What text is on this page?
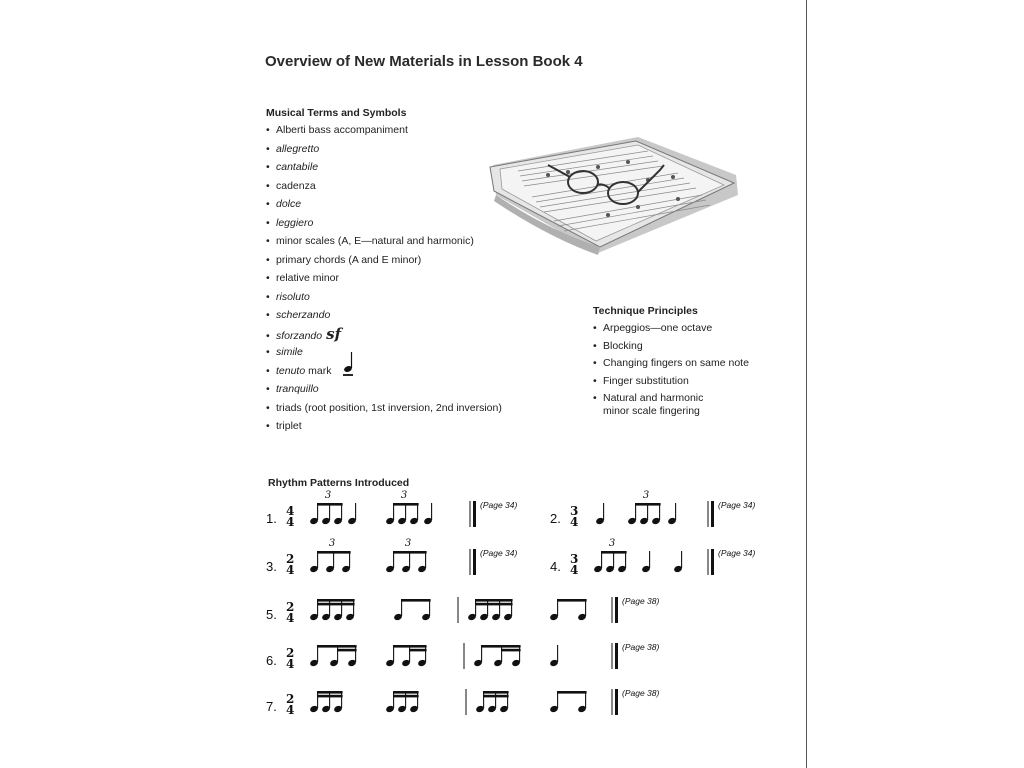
Overview of New Materials in Lesson Book 4
Musical Terms and Symbols
• Alberti bass accompaniment
• allegretto
• cantabile
• cadenza
• dolce
• leggiero
• minor scales (A, E—natural and harmonic)
• primary chords (A and E minor)
• relative minor
• risoluto
• scherzando
• sforzando sf
• simile
• tenuto mark
• tranquillo
• triads (root position, 1st inversion, 2nd inversion)
• triplet
Technique Principles
• Arpeggios—one octave
• Blocking
• Changing fingers on same note
• Finger substitution
• Natural and harmonic minor scale fingering
Rhythm Patterns Introduced
1. 4
4
3	3
(Page 34)
2. 3
4
3
(Page 34)
3. 2
4
3	3
(Page 34)
4. 3
4
3
(Page 34)
5. 2
4
(Page 38)
6. 2
4
(Page 38)
7. 2
4
(Page 38)
